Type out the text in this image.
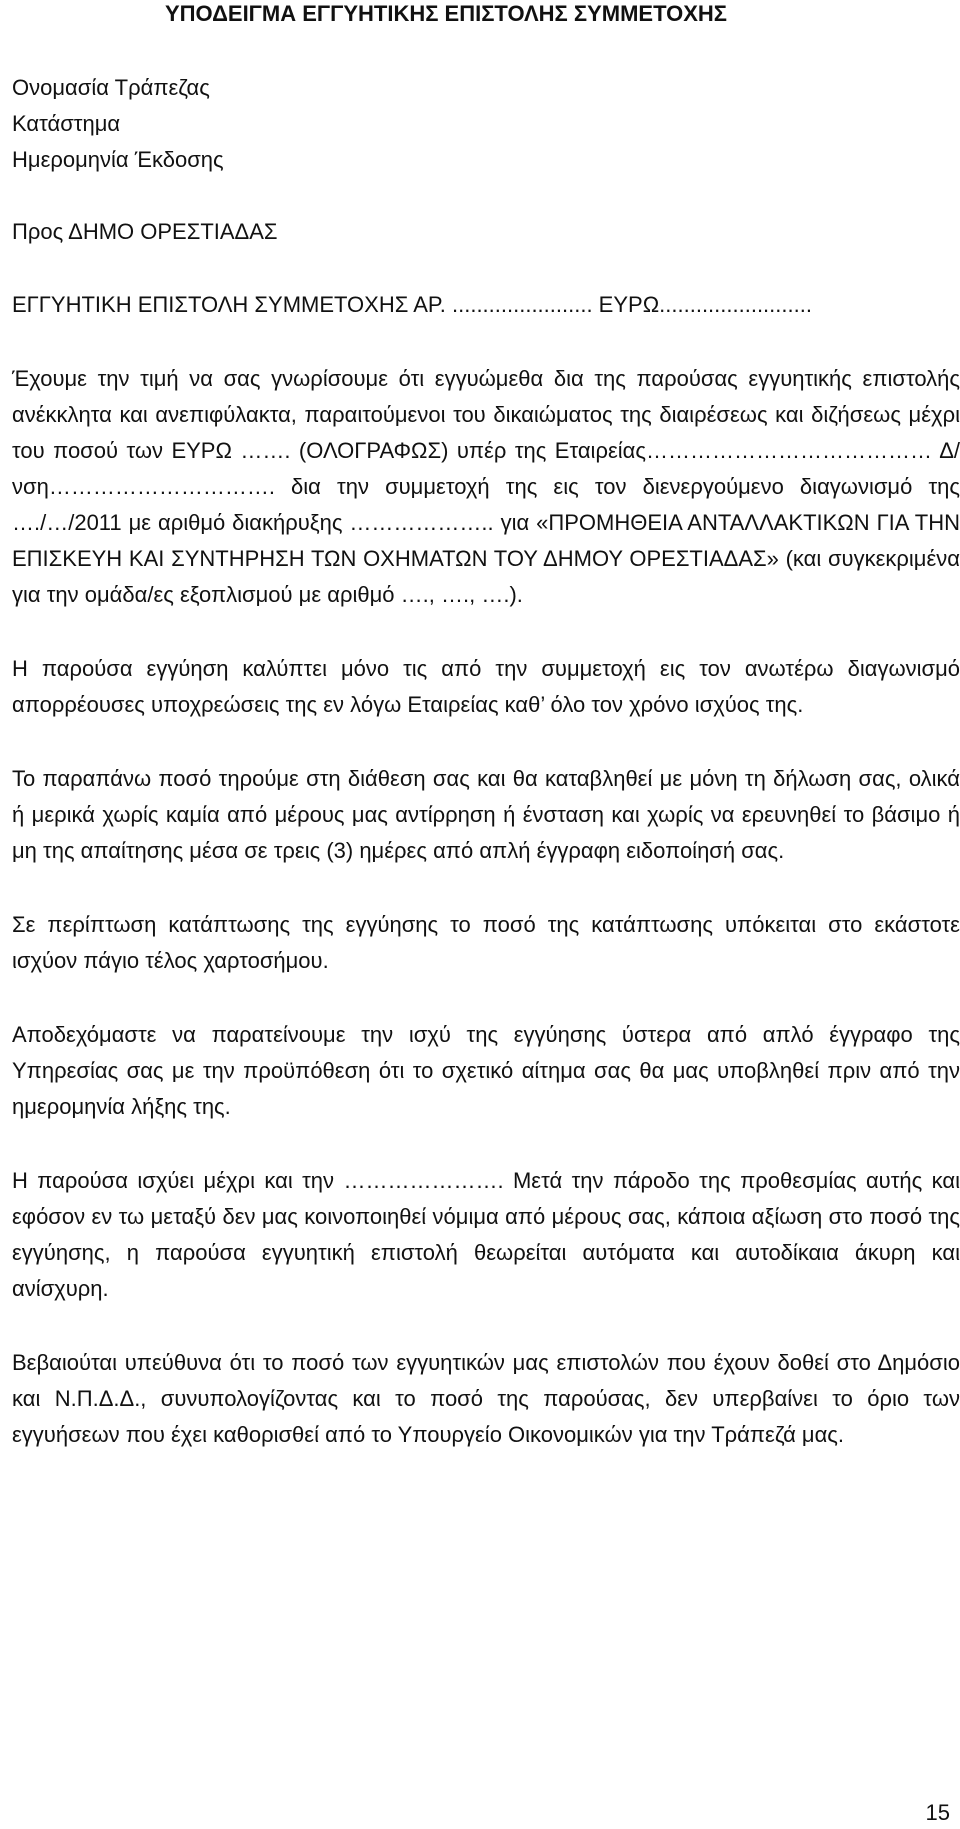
ΥΠΟΔΕΙΓΜΑ ΕΓΓΥΗΤΙΚΗΣ ΕΠΙΣΤΟΛΗΣ ΣΥΜΜΕΤΟΧΗΣ
Ονομασία Τράπεζας
Κατάστημα
Ημερομηνία Έκδοσης
Προς ΔΗΜΟ ΟΡΕΣΤΙΑΔΑΣ
ΕΓΓΥΗΤΙΚΗ ΕΠΙΣΤΟΛΗ ΣΥΜΜΕΤΟΧΗΣ ΑΡ. ....................... ΕΥΡΩ.........................

Έχουμε την τιμή να σας γνωρίσουμε ότι εγγυώμεθα δια της παρούσας εγγυητικής επιστολής ανέκκλητα και ανεπιφύλακτα, παραιτούμενοι του δικαιώματος της διαιρέσεως και διζήσεως μέχρι του ποσού των ΕΥΡΩ ……. (ΟΛΟΓΡΑΦΩΣ) υπέρ της Εταιρείας………………………………… Δ/νση…………………………. δια την συμμετοχή της εις τον διενεργούμενο διαγωνισμό της …./…/2011 με αριθμό διακήρυξης ……………….. για «ΠΡΟΜΗΘΕΙΑ ΑΝΤΑΛΛΑΚΤΙΚΩΝ ΓΙΑ ΤΗΝ ΕΠΙΣΚΕΥΗ ΚΑΙ ΣΥΝΤΗΡΗΣΗ ΤΩΝ ΟΧΗΜΑΤΩΝ ΤΟΥ ΔΗΜΟΥ ΟΡΕΣΤΙΑΔΑΣ» (και συγκεκριμένα για την ομάδα/ες εξοπλισμού με αριθμό …., …., ….).

Η παρούσα εγγύηση καλύπτει μόνο τις από την συμμετοχή εις τον ανωτέρω διαγωνισμό απορρέουσες υποχρεώσεις της εν λόγω Εταιρείας καθ’ όλο τον χρόνο ισχύος της.

Το παραπάνω ποσό τηρούμε στη διάθεση σας και θα καταβληθεί με μόνη τη δήλωση σας, ολικά ή μερικά χωρίς καμία από μέρους μας αντίρρηση ή ένσταση και χωρίς να ερευνηθεί το βάσιμο ή μη της απαίτησης μέσα σε τρεις (3) ημέρες από απλή έγγραφη ειδοποίησή σας.

Σε περίπτωση κατάπτωσης της εγγύησης το ποσό της κατάπτωσης υπόκειται στο εκάστοτε ισχύον πάγιο τέλος χαρτοσήμου.

Αποδεχόμαστε να παρατείνουμε την ισχύ της εγγύησης ύστερα από απλό έγγραφο της Υπηρεσίας σας με την προϋπόθεση ότι το σχετικό αίτημα σας θα μας υποβληθεί πριν από την ημερομηνία λήξης της.

Η παρούσα ισχύει μέχρι και την …………………. Μετά την πάροδο της προθεσμίας αυτής και εφόσον εν τω μεταξύ δεν μας κοινοποιηθεί νόμιμα από μέρους σας, κάποια αξίωση στο ποσό της εγγύησης, η παρούσα εγγυητική επιστολή θεωρείται αυτόματα και αυτοδίκαια άκυρη και ανίσχυρη.

Βεβαιούται υπεύθυνα ότι το ποσό των εγγυητικών μας επιστολών που έχουν δοθεί στο Δημόσιο και Ν.Π.Δ.Δ., συνυπολογίζοντας και το ποσό της παρούσας, δεν υπερβαίνει το όριο των εγγυήσεων που έχει καθορισθεί από το Υπουργείο Οικονομικών για την Τράπεζά μας.

15
